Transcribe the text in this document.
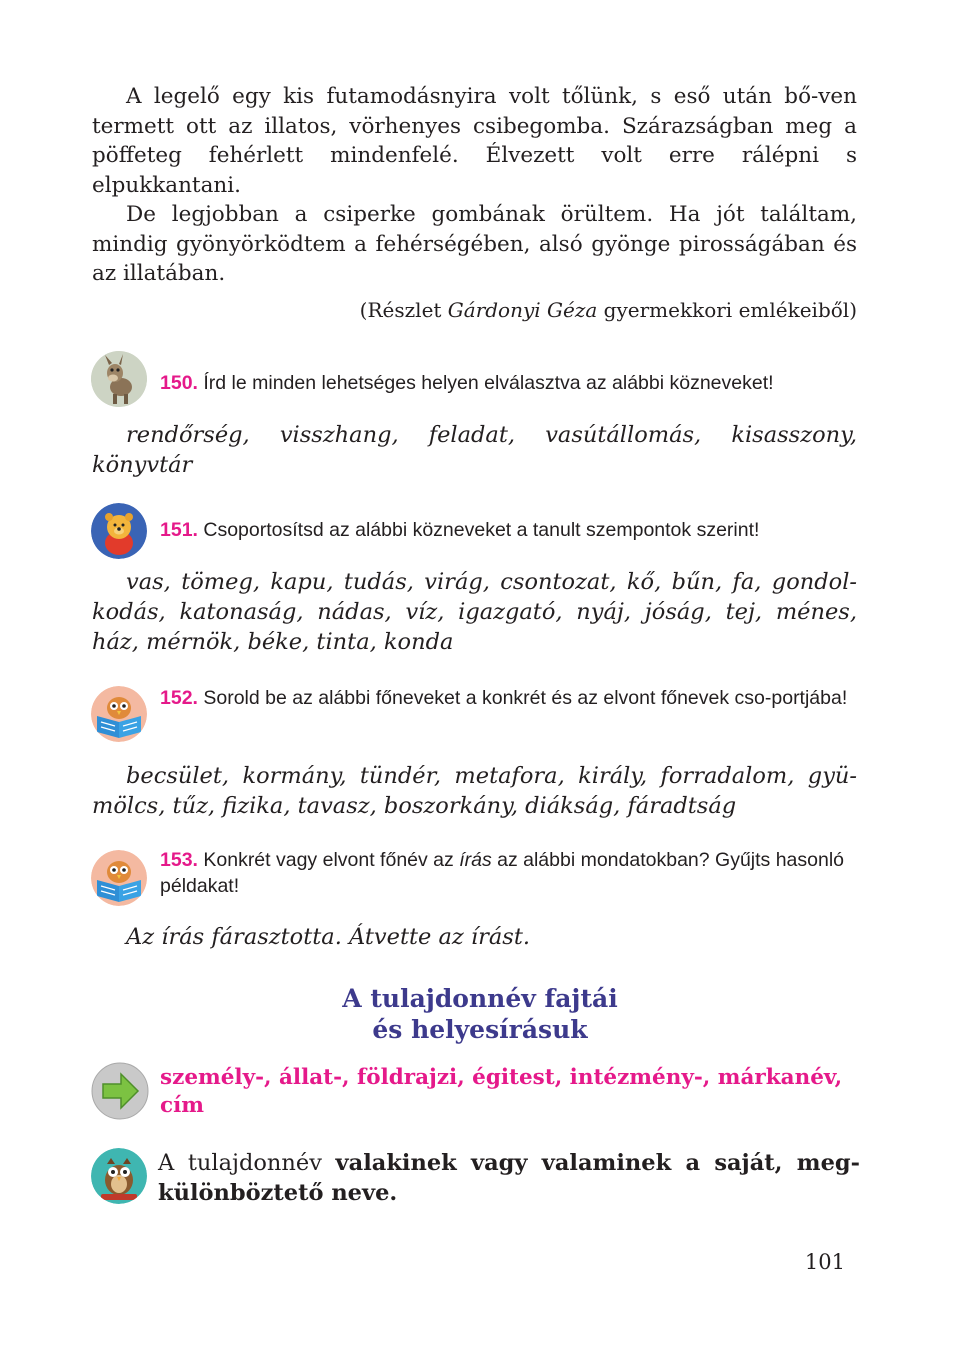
A legelő egy kis futamodásnyira volt tőlünk, s eső után bő-ven termett ott az illatos, vörhenyes csibegomba. Szárazságban meg a pöffeteg fehérlett mindenfelé. Élvezett volt erre rálépni s elpukkantani.

De legjobban a csiperke gombának örültem. Ha jót találtam, mindig gyönyörködtem a fehérségében, alsó gyönge pirosságában és az illatában.

(Részlet Gárdonyi Géza gyermekkori emlékeiből)

150. Írd le minden lehetséges helyen elválasztva az alábbi közneveket!

rendőrség, visszhang, feladat, vasútállomás, kisasszony, könyvtár

151. Csoportosítsd az alábbi közneveket a tanult szempontok szerint!

vas, tömeg, kapu, tudás, virág, csontozat, kő, bűn, fa, gondol-kodás, katonaság, nádas, víz, igazgató, nyáj, jóság, tej, ménes, ház, mérnök, béke, tinta, konda

152. Sorold be az alábbi főneveket a konkrét és az elvont főnevek cso-portjába!

becsület, kormány, tündér, metafora, király, forradalom, gyü-mölcs, tűz, fizika, tavasz, boszorkány, diákság, fáradtság

153. Konkrét vagy elvont főnév az írás az alábbi mondatokban? Gyűjts hasonló példakat!

Az írás fárasztotta. Átvette az írást.

A tulajdonnév fajtái
és helyesírásuk

személy-, állat-, földrajzi, égitest, intézmény-, márkanév, cím

A tulajdonnév valakinek vagy valaminek a saját, meg-különböztető neve.

101
